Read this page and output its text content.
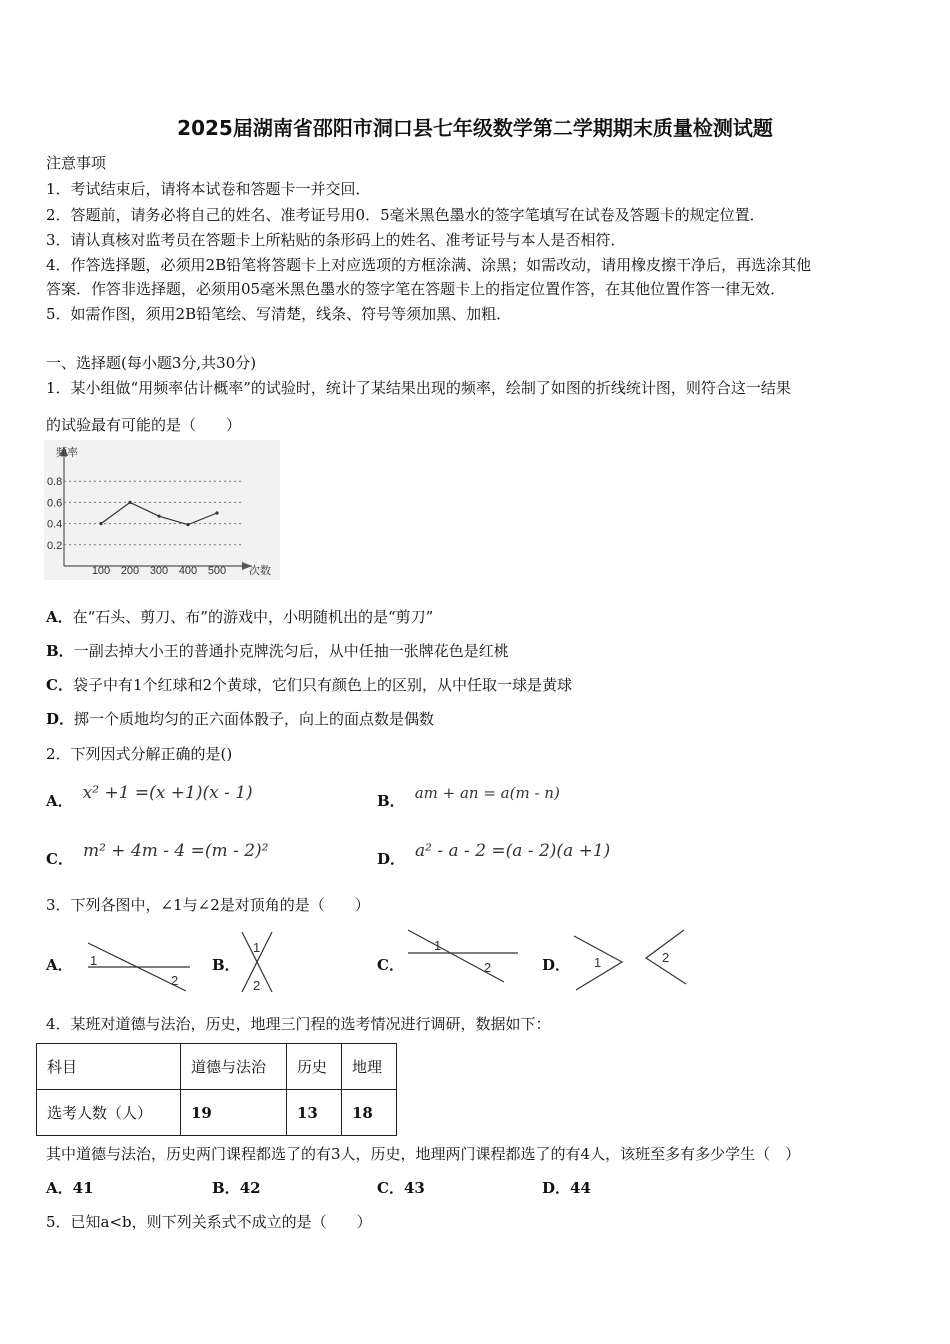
2025届湖南省邵阳市洞口县七年级数学第二学期期末质量检测试题
注意事项
1．考试结束后，请将本试卷和答题卡一并交回．
2．答题前，请务必将自己的姓名、准考证号用0．5毫米黑色墨水的签字笔填写在试卷及答题卡的规定位置．
3．请认真核对监考员在答题卡上所粘贴的条形码上的姓名、准考证号与本人是否相符．
4．作答选择题，必须用2B铅笔将答题卡上对应选项的方框涂满、涂黑；如需改动，请用橡皮擦干净后，再选涂其他
答案．作答非选择题，必须用05毫米黑色墨水的签字笔在答题卡上的指定位置作答，在其他位置作答一律无效．
5．如需作图，须用2B铅笔绘、写清楚，线条、符号等须加黑、加粗．
一、选择题(每小题3分,共30分)
1．某小组做“用频率估计概率”的试验时，统计了某结果出现的频率，绘制了如图的折线统计图，则符合这一结果
的试验最有可能的是（　　）
频率
次数
0.2
0.4
0.6
0.8
100 200 300 400 500
A．在“石头、剪刀、布”的游戏中，小明随机出的是“剪刀”
B．一副去掉大小王的普通扑克牌洗匀后，从中任抽一张牌花色是红桃
C．袋子中有1个红球和2个黄球，它们只有颜色上的区别，从中任取一球是黄球
D．掷一个质地均匀的正六面体骰子，向上的面点数是偶数
2．下列因式分解正确的是()
A． x² +1 =(x +1)(x - 1)	B． am + an = a(m - n)
C． m² + 4m - 4 =(m - 2)²	D． a² - a - 2 =(a - 2)(a +1)
3．下列各图中，∠1与∠2是对顶角的是（　　）
A． 1
2
B．
1
2
C．
1
2	D． 1	2
4．某班对道德与法治，历史，地理三门程的选考情况进行调研，数据如下：
科目	道德与法治	历史	地理
选考人数（人）	19	13	18
其中道德与法治，历史两门课程都选了的有3人，历史，地理两门课程都选了的有4人，该班至多有多少学生（　）
A．41	B．42	C．43	D．44
5．已知a<b，则下列关系式不成立的是（　　）
